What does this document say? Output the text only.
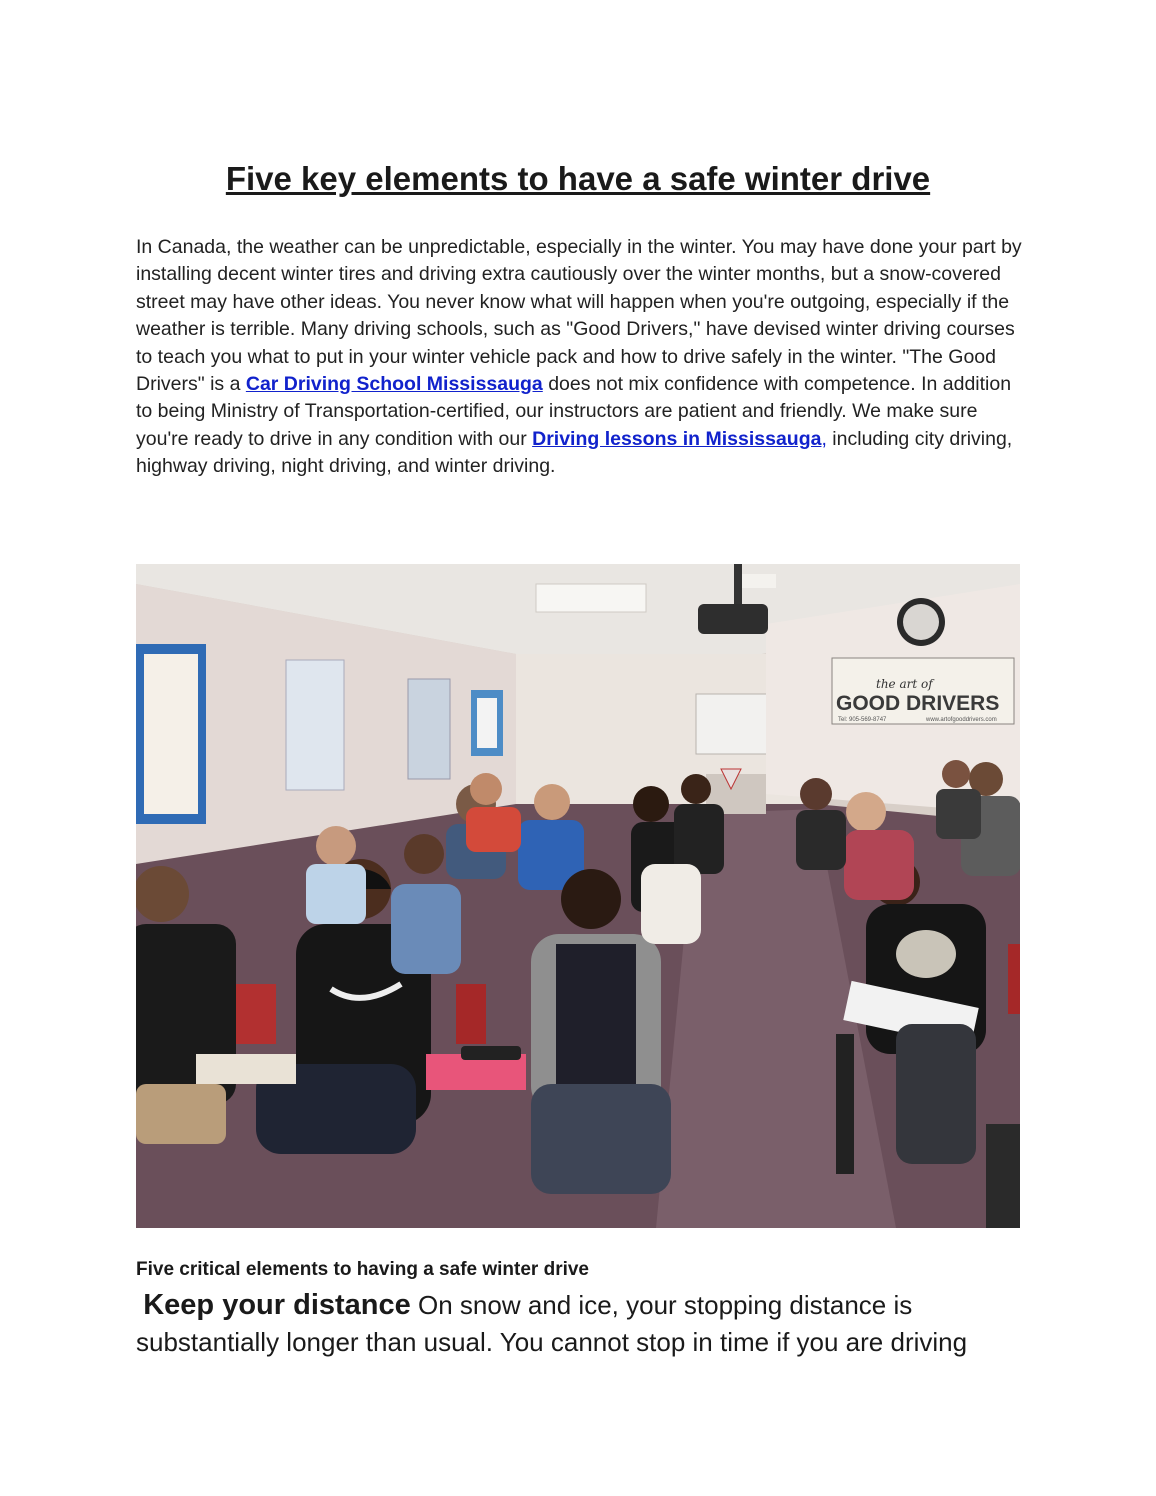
Five key elements to have a safe winter drive

In Canada, the weather can be unpredictable, especially in the winter. You may have done your part by installing decent winter tires and driving extra cautiously over the winter months, but a snow-covered street may have other ideas. You never know what will happen when you're outgoing, especially if the weather is terrible. Many driving schools, such as "Good Drivers," have devised winter driving courses to teach you what to put in your winter vehicle pack and how to drive safely in the winter. "The Good Drivers" is a Car Driving School Mississauga does not mix confidence with competence. In addition to being Ministry of Transportation-certified, our instructors are patient and friendly. We make sure you're ready to drive in any condition with our Driving lessons in Mississauga, including city driving, highway driving, night driving, and winter driving.

the art of
GOOD DRIVERS
Tel: 905-569-8747	www.artofgooddrivers.com

Five critical elements to having a safe winter drive

Keep your distance On snow and ice, your stopping distance is substantially longer than usual. You cannot stop in time if you are driving
